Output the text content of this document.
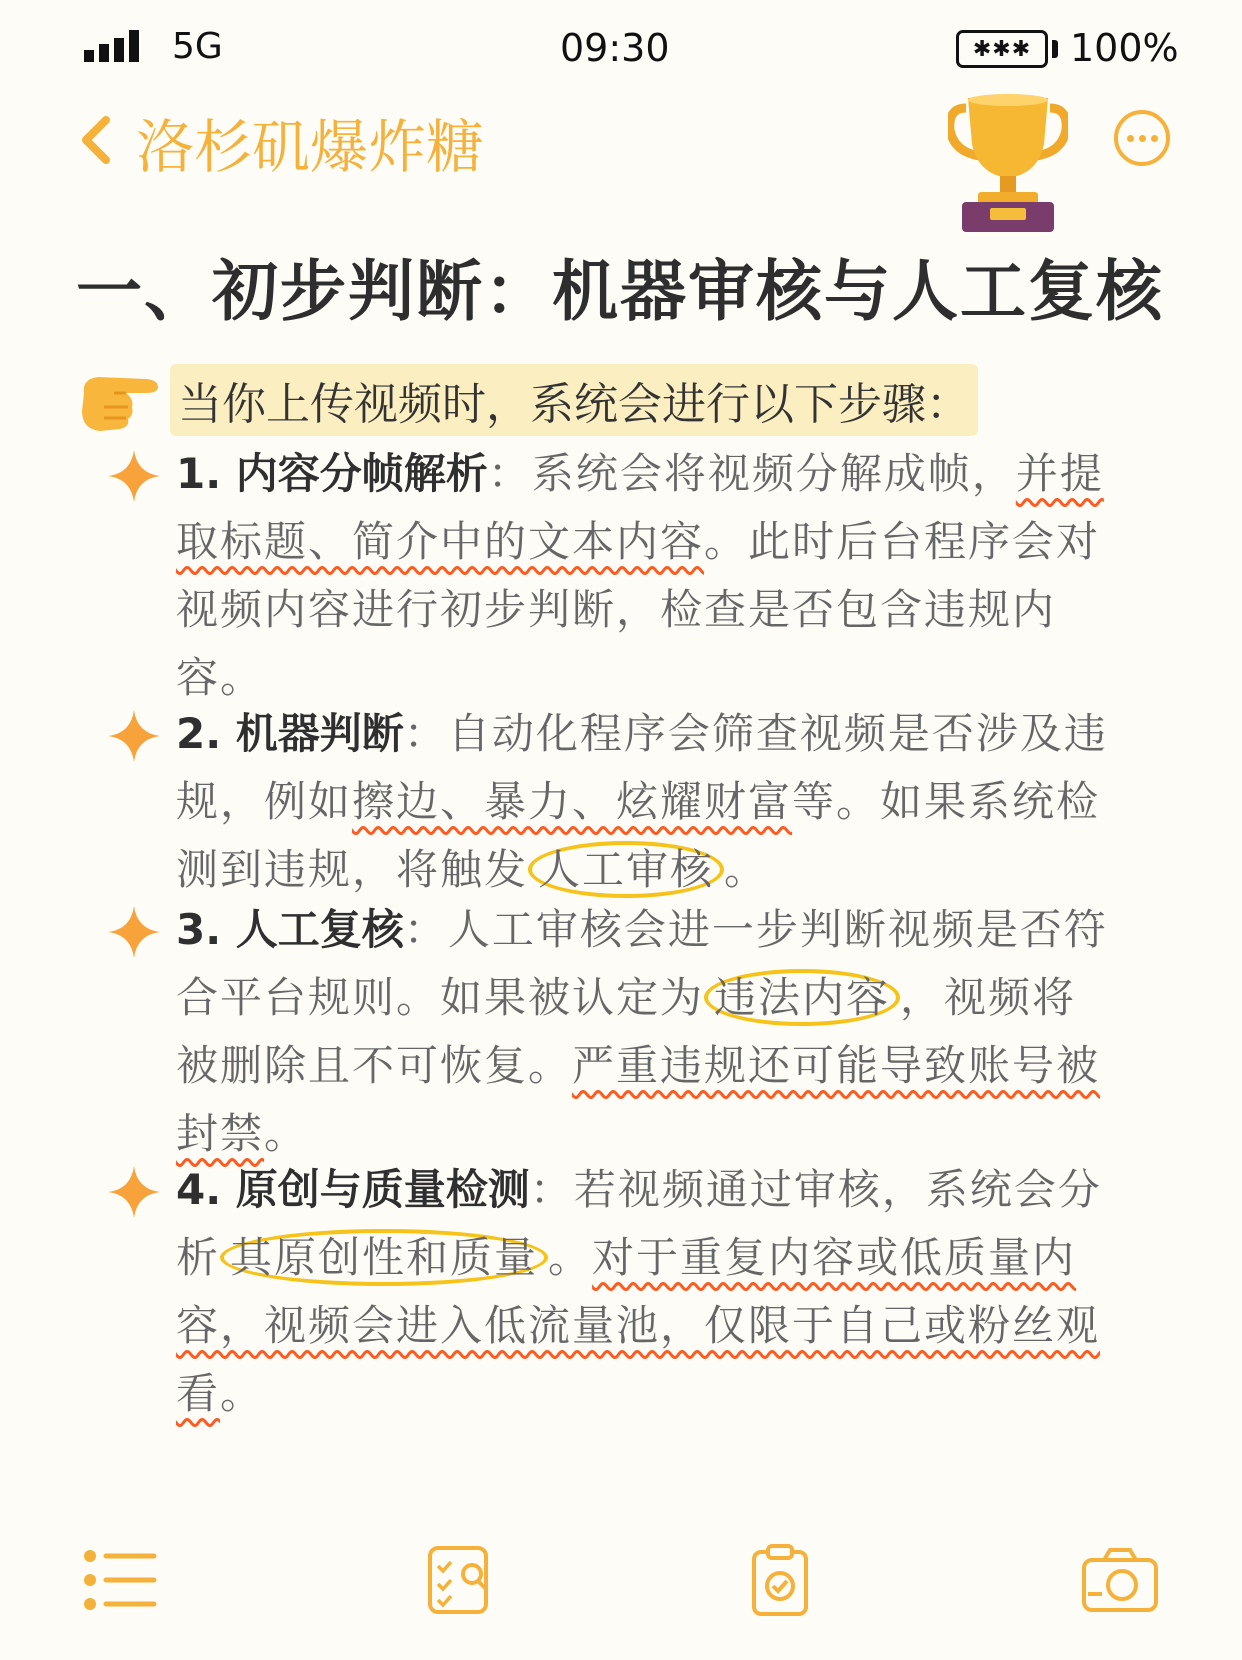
5G	09:30	✱✱✱	100%
洛杉矶爆炸糖
一、初步判断：机器审核与人工复核
当你上传视频时，系统会进行以下步骤：
1. 内容分帧解析：系统会将视频分解成帧，并提取标题、简介中的文本内容。此时后台程序会对视频内容进行初步判断，检查是否包含违规内容。
2. 机器判断：自动化程序会筛查视频是否涉及违规，例如擦边、暴力、炫耀财富等。如果系统检测到违规，将触发 人工审核 。
3. 人工复核：人工审核会进一步判断视频是否符合平台规则。如果被认定为 违法内容 ，视频将被删除且不可恢复。严重违规还可能导致账号被封禁。
4. 原创与质量检测：若视频通过审核，系统会分析 其原创性和质量 。对于重复内容或低质量内容，视频会进入低流量池，仅限于自己或粉丝观看。
